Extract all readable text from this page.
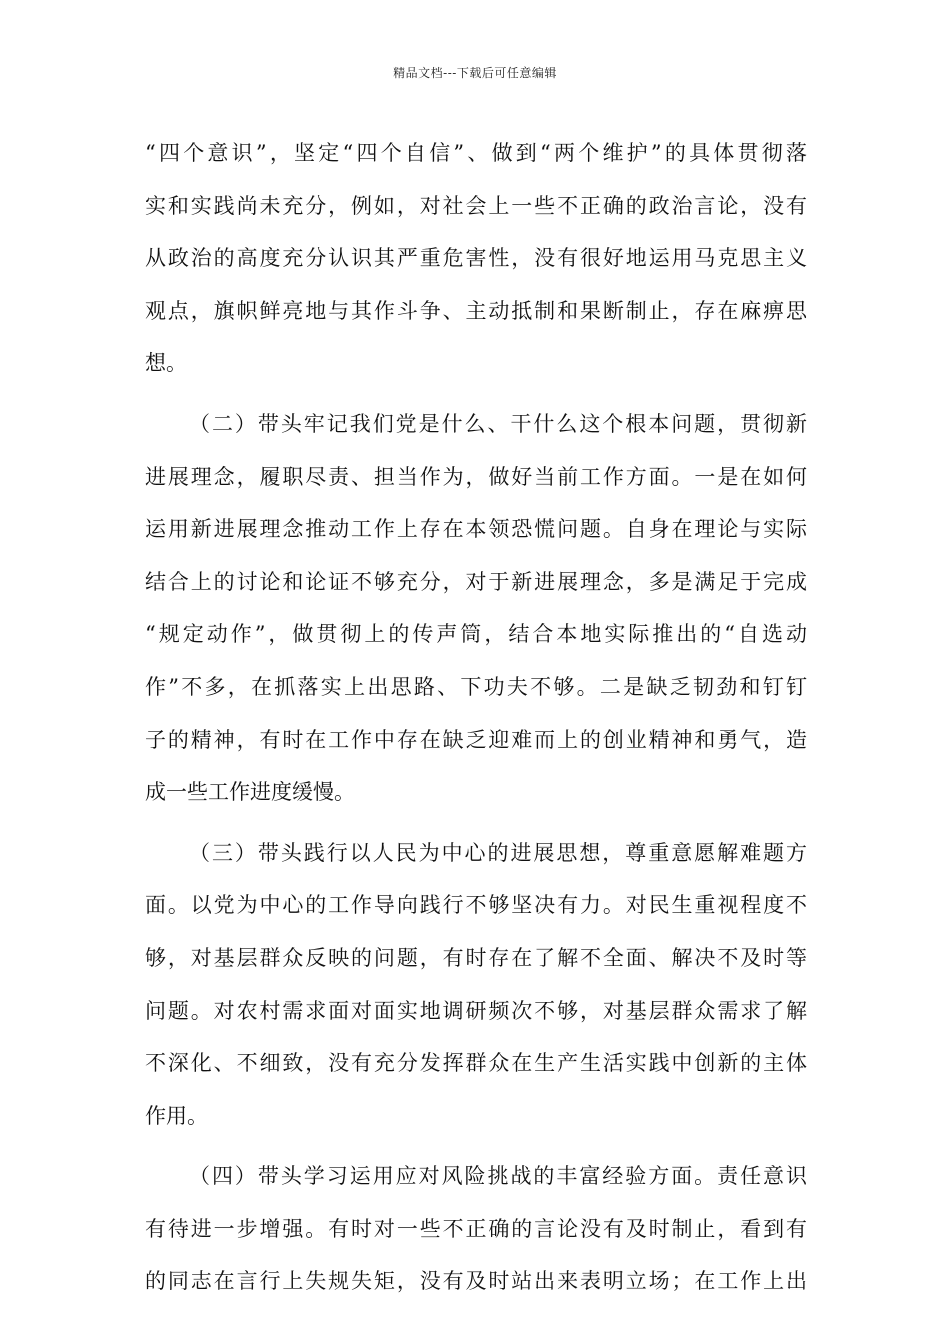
精品文档---下载后可任意编辑
“四个意识”，坚定“四个自信”、做到“两个维护”的具体贯彻落
实和实践尚未充分，例如，对社会上一些不正确的政治言论，没有
从政治的高度充分认识其严重危害性，没有很好地运用马克思主义
观点，旗帜鲜亮地与其作斗争、主动抵制和果断制止，存在麻痹思
想。
（二）带头牢记我们党是什么、干什么这个根本问题，贯彻新
进展理念，履职尽责、担当作为，做好当前工作方面。一是在如何
运用新进展理念推动工作上存在本领恐慌问题。自身在理论与实际
结合上的讨论和论证不够充分，对于新进展理念，多是满足于完成
“规定动作”，做贯彻上的传声筒，结合本地实际推出的“自选动
作”不多，在抓落实上出思路、下功夫不够。二是缺乏韧劲和钉钉
子的精神，有时在工作中存在缺乏迎难而上的创业精神和勇气，造
成一些工作进度缓慢。
（三）带头践行以人民为中心的进展思想，尊重意愿解难题方
面。以党为中心的工作导向践行不够坚决有力。对民生重视程度不
够，对基层群众反映的问题，有时存在了解不全面、解决不及时等
问题。对农村需求面对面实地调研频次不够，对基层群众需求了解
不深化、不细致，没有充分发挥群众在生产生活实践中创新的主体
作用。
（四）带头学习运用应对风险挑战的丰富经验方面。责任意识
有待进一步增强。有时对一些不正确的言论没有及时制止，看到有
的同志在言行上失规失矩，没有及时站出来表明立场；在工作上出
